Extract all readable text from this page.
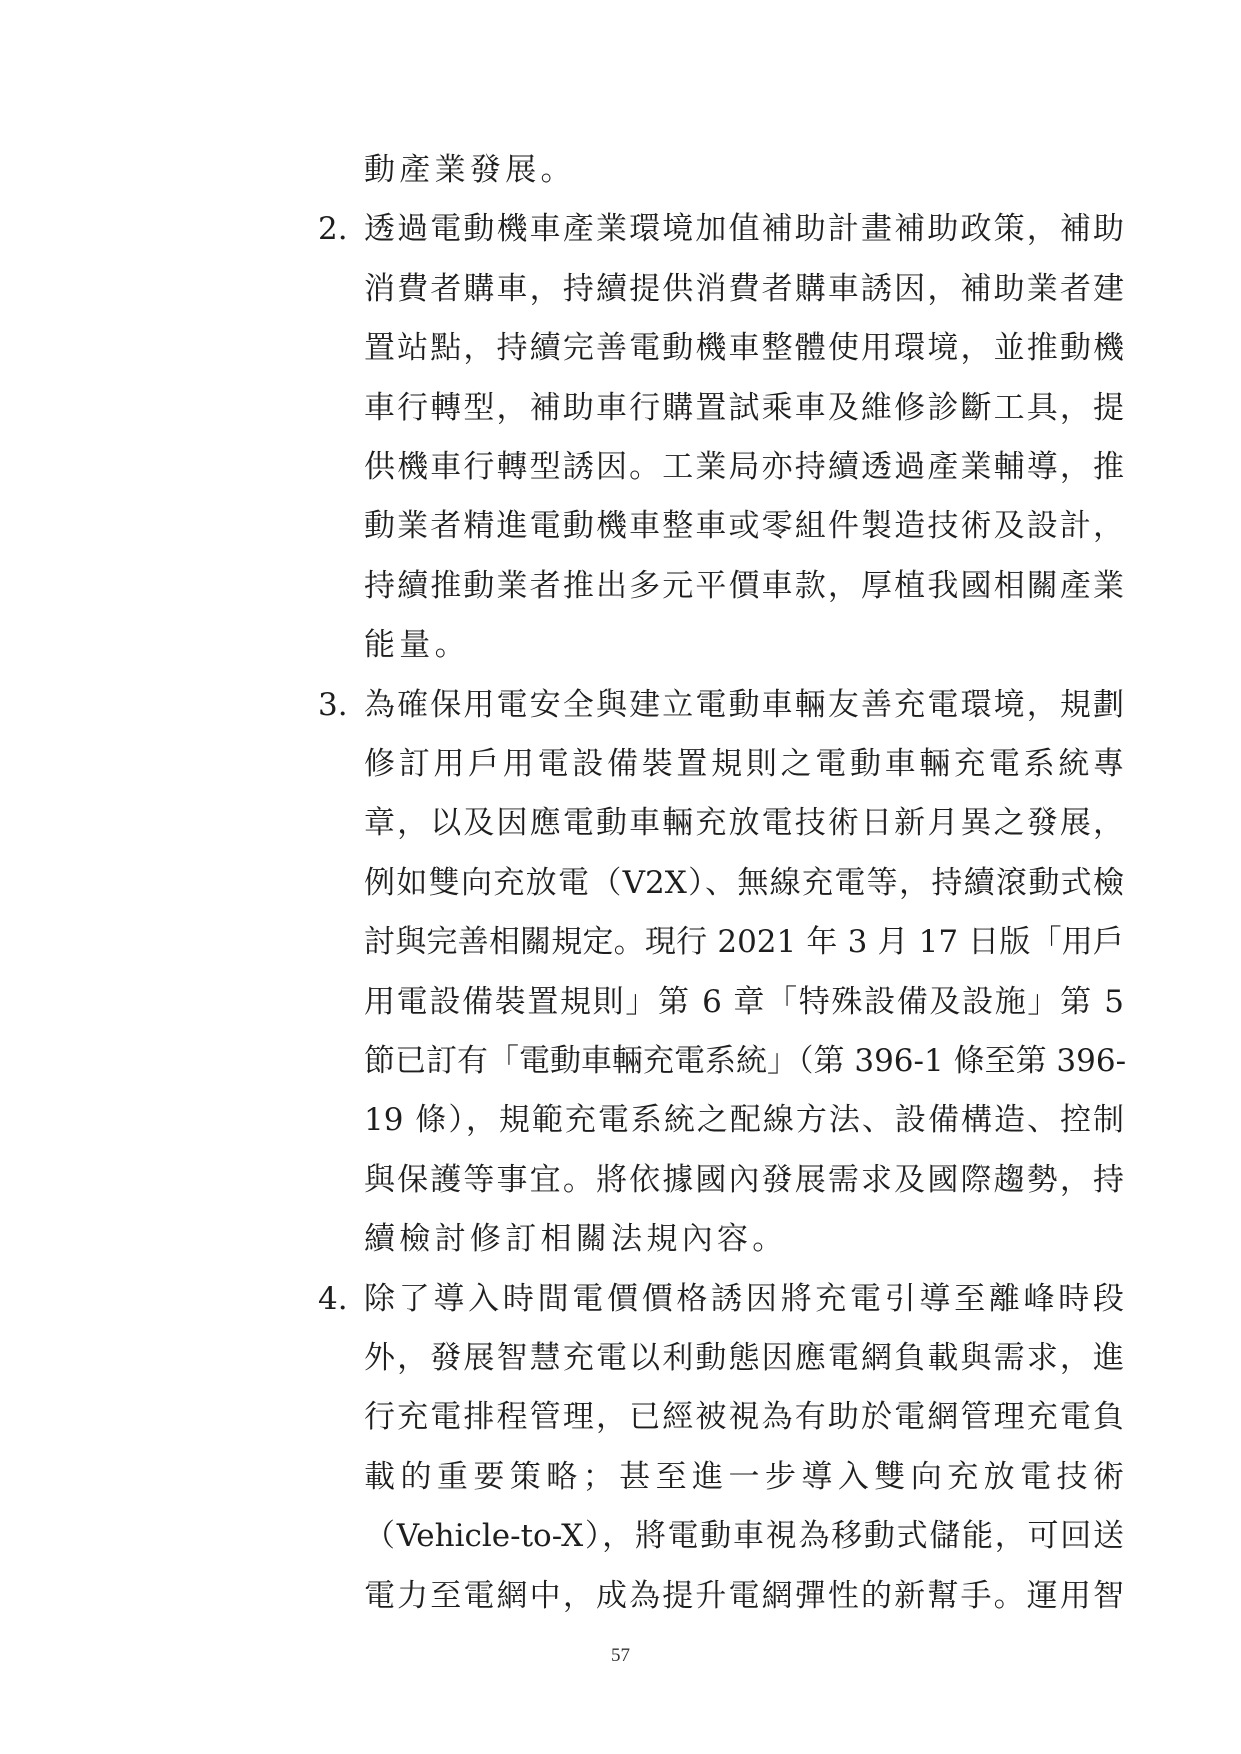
動產業發展。
2. 透過電動機車產業環境加值補助計畫補助政策，補助
消費者購車，持續提供消費者購車誘因，補助業者建
置站點，持續完善電動機車整體使用環境，並推動機
車行轉型，補助車行購置試乘車及維修診斷工具，提
供機車行轉型誘因。工業局亦持續透過產業輔導，推
動業者精進電動機車整車或零組件製造技術及設計，
持續推動業者推出多元平價車款，厚植我國相關產業
能量。
3. 為確保用電安全與建立電動車輛友善充電環境，規劃
修訂用戶用電設備裝置規則之電動車輛充電系統專
章，以及因應電動車輛充放電技術日新月異之發展，
例如雙向充放電（V2X）、無線充電等，持續滾動式檢
討與完善相關規定。現行 2021 年 3 月 17 日版「用戶
用電設備裝置規則」第 6 章「特殊設備及設施」第 5
節已訂有「電動車輛充電系統」（第 396-1 條至第 396-
19 條），規範充電系統之配線方法、設備構造、控制
與保護等事宜。將依據國內發展需求及國際趨勢，持
續檢討修訂相關法規內容。
4. 除了導入時間電價價格誘因將充電引導至離峰時段
外，發展智慧充電以利動態因應電網負載與需求，進
行充電排程管理，已經被視為有助於電網管理充電負
載的重要策略；甚至進一步導入雙向充放電技術
（Vehicle-to-X），將電動車視為移動式儲能，可回送
電力至電網中，成為提升電網彈性的新幫手。運用智
57
